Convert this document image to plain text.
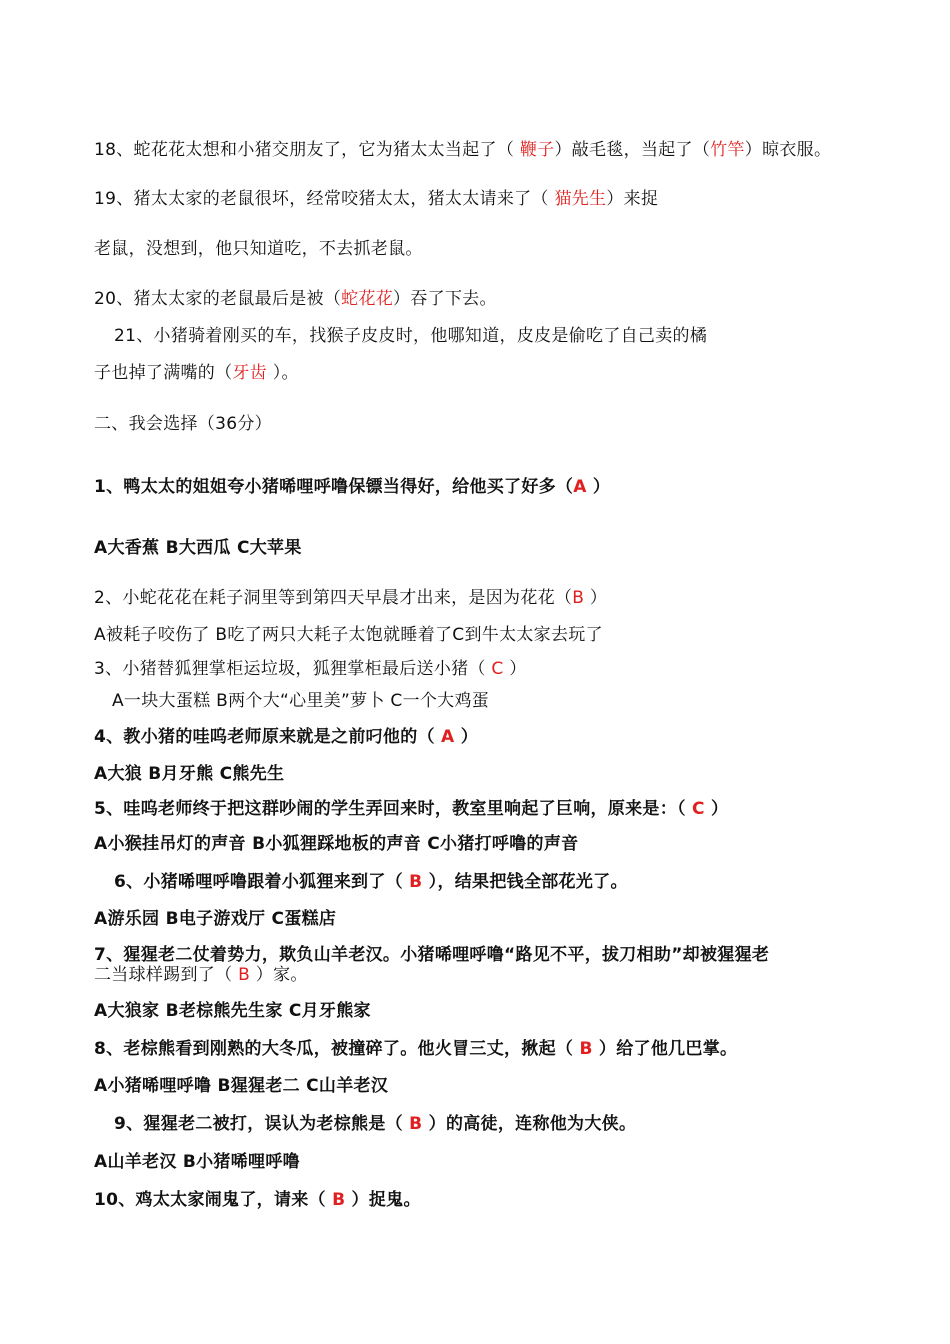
18、蛇花花太想和小猪交朋友了，它为猪太太当起了（ 鞭子）敲毛毯，当起了（竹竿）晾衣服。

19、猪太太家的老鼠很坏，经常咬猪太太，猪太太请来了（ 猫先生）来捉

老鼠，没想到，他只知道吃，不去抓老鼠。

20、猪太太家的老鼠最后是被（蛇花花）吞了下去。

21、小猪骑着刚买的车，找猴子皮皮时，他哪知道，皮皮是偷吃了自己卖的橘

子也掉了满嘴的（牙齿 ）。

二、我会选择（36分）

1、鸭太太的姐姐夸小猪唏哩呼噜保镖当得好，给他买了好多（A ）

A大香蕉 B大西瓜 C大苹果

2、小蛇花花在耗子洞里等到第四天早晨才出来，是因为花花（B ）

A被耗子咬伤了 B吃了两只大耗子太饱就睡着了C到牛太太家去玩了

3、小猪替狐狸掌柜运垃圾，狐狸掌柜最后送小猪（ C ）

A一块大蛋糕 B两个大“心里美”萝卜 C一个大鸡蛋

4、教小猪的哇呜老师原来就是之前叼他的（ A ）

A大狼 B月牙熊 C熊先生

5、哇呜老师终于把这群吵闹的学生弄回来时，教室里响起了巨响，原来是：（ C ）

A小猴挂吊灯的声音 B小狐狸踩地板的声音 C小猪打呼噜的声音

6、小猪唏哩呼噜跟着小狐狸来到了（ B ），结果把钱全部花光了。

A游乐园 B电子游戏厅 C蛋糕店

7、猩猩老二仗着势力，欺负山羊老汉。小猪唏哩呼噜“路见不平，拔刀相助”却被猩猩老

二当球样踢到了（ B ）家。

A大狼家 B老棕熊先生家 C月牙熊家

8、老棕熊看到刚熟的大冬瓜，被撞碎了。他火冒三丈，揪起（ B ）给了他几巴掌。

A小猪唏哩呼噜 B猩猩老二 C山羊老汉

9、猩猩老二被打，误认为老棕熊是（ B ）的高徒，连称他为大侠。

A山羊老汉 B小猪唏哩呼噜

10、鸡太太家闹鬼了，请来（ B ）捉鬼。
